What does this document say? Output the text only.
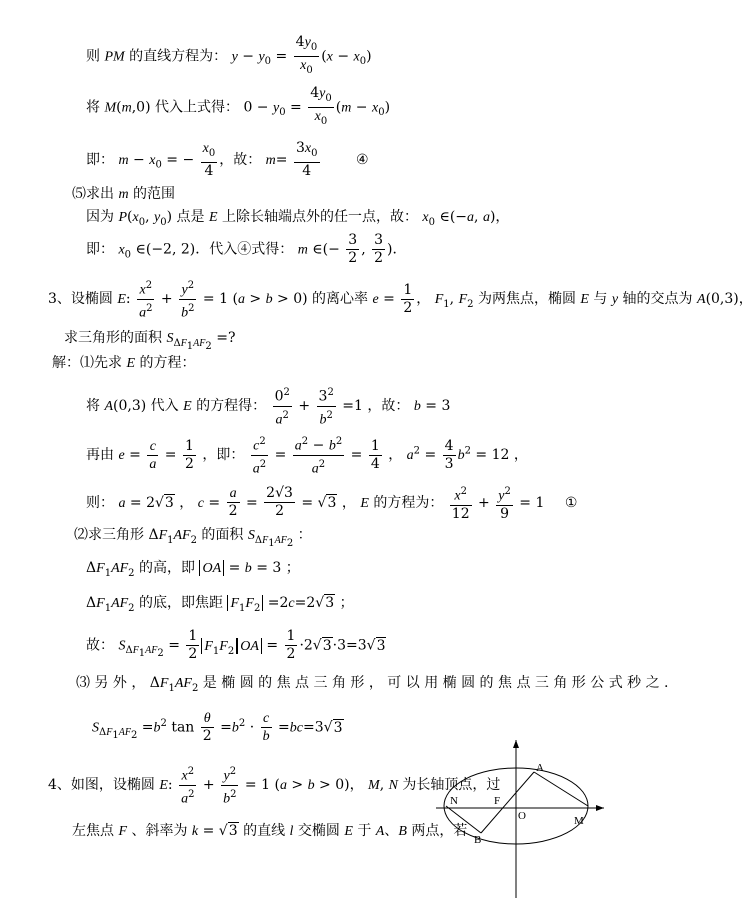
则 PM 的直线方程为： $y - y_0 = \frac{4y_0}{x_0} (x - x_0)$
将 M(m,0) 代入上式得： $0 - y_0 = \frac{4y_0}{x_0} (m - x_0)$
即： $m - x_0$ = − $\frac{x_0}{4}$ ，故： $m= \frac{3x_0}{4}$	④
⑸求出 m 的范围
因为 $P(x_0$, $y_0$) 点是 E 上除长轴端点外的任一点，故： $x_0$ ∈(−a, a)，
即： $x_0$ ∈(−2, 2)．代入④式得： m ∈(− $\frac{3}{2}$ , $\frac{3}{2}$ )．
3、设椭圆 E: $\frac{x^2}{a^2} + \frac{y^2}{b^2} = 1$ (a > b > 0) 的离心率 $e = \frac{1}{2}$ ， $F_1$, $F_2$ 为两焦点，椭圆 E 与 y 轴的交点为 A(0,3)，
求三角形的面积 $S_{\Delta F_1AF_2}$ =?
解：⑴先求 E 的方程：
将 A(0,3) 代入 E 的方程得： $\frac{0^2}{a^2} + \frac{3^2}{b^2} =1$ ，故： b = 3
再由 $e = \frac{c}{a} = \frac{1}{2}$ ，即： $\frac{c^2}{a^2} = \frac{a^2 - b^2}{a^2} = \frac{1}{4}$ ， $a^2 = \frac{4}{3} b^2 = 12$ ，
则： a = 2√3 ， $c = \frac{a}{2} = \frac{2√3}{2} = √3$ ， E 的方程为： $\frac{x^2}{12} + \frac{y^2}{9} = 1$ ①
⑵求三角形 $\Delta F_1AF_2$ 的面积 $S_{\Delta F_1AF_2}$ ：
$\Delta F_1AF_2$ 的高，即 OA = b = 3 ；
$\Delta F_1AF_2$ 的底，即焦距 $F_1F_2 =2c=2√3$ ；
故： $S_{\Delta F_1AF_2} = \frac{1}{2} F_1F_2$ OA = $\frac{1}{2} \cdot 2√3\cdot 3=3√3$
⑶ 另 外 ， $\Delta F_1AF_2$ 是 椭 圆 的 焦 点 三 角 形 ， 可 以 用 椭 圆 的 焦 点 三 角 形 公 式 秒 之 .
$S_{\Delta F_1AF_2} =b^2$ $\tan \frac{\theta}{2} =b^2 \cdot \frac{c}{b} =bc=3√3$
4、如图，设椭圆 E: $\frac{x^2}{a^2} + \frac{y^2}{b^2} = 1$ (a > b > 0)， M, N 为长轴顶点，过
左焦点 F 、斜率为 k = √3 的直线 l 交椭圆 E 于 A、B 两点，若
A
B
N	F
O	M
